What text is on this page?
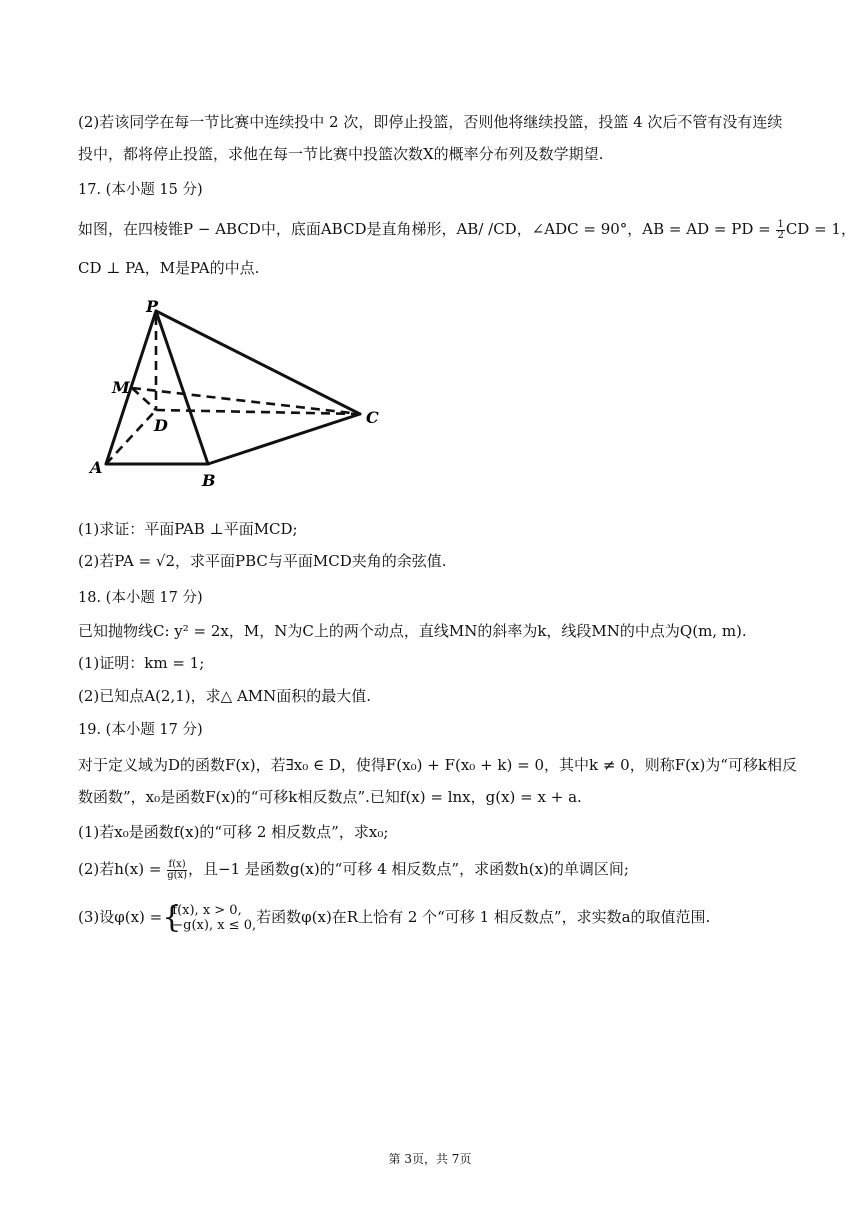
(2)若该同学在每一节比赛中连续投中 2 次，即停止投篮，否则他将继续投篮，投篮 4 次后不管有没有连续
投中，都将停止投篮，求他在每一节比赛中投篮次数X的概率分布列及数学期望.
17. (本小题 15 分)
如图，在四棱锥P − ABCD中，底面ABCD是直角梯形，AB/ /CD，∠ADC = 90°，AB = AD = PD = $\frac{1}{2}$ CD = 1，
CD ⊥ PA，M是PA的中点.
P
M
D	C
A
B
(1)求证：平面PAB ⊥平面MCD;
(2)若PA = √2，求平面PBC与平面MCD夹角的余弦值.
18. (本小题 17 分)
已知抛物线C: y² = 2x，M，N为C上的两个动点，直线MN的斜率为k，线段MN的中点为Q(m, m).
(1)证明：km = 1;
(2)已知点A(2,1)，求△ AMN面积的最大值.
19. (本小题 17 分)
对于定义域为D的函数F(x)，若∃x₀ ∈ D，使得F(x₀) + F(x₀ + k) = 0，其中k ≠ 0，则称F(x)为“可移k相反
数函数”，x₀是函数F(x)的“可移k相反数点”.已知f(x) = lnx，g(x) = x + a.
(1)若x₀是函数f(x)的“可移 2 相反数点”，求x₀;
(2)若$h(x) = \frac{f(x)}{g(x)}$ ，且−1 是函数g(x)的“可移 4 相反数点”，求函数h(x)的单调区间;
(3)设φ(x) = {
f(x), x > 0,
−g(x), x ≤ 0, 若函数φ(x)在R上恰有 2 个“可移 1 相反数点”，求实数a的取值范围.
第 3页，共 7页
